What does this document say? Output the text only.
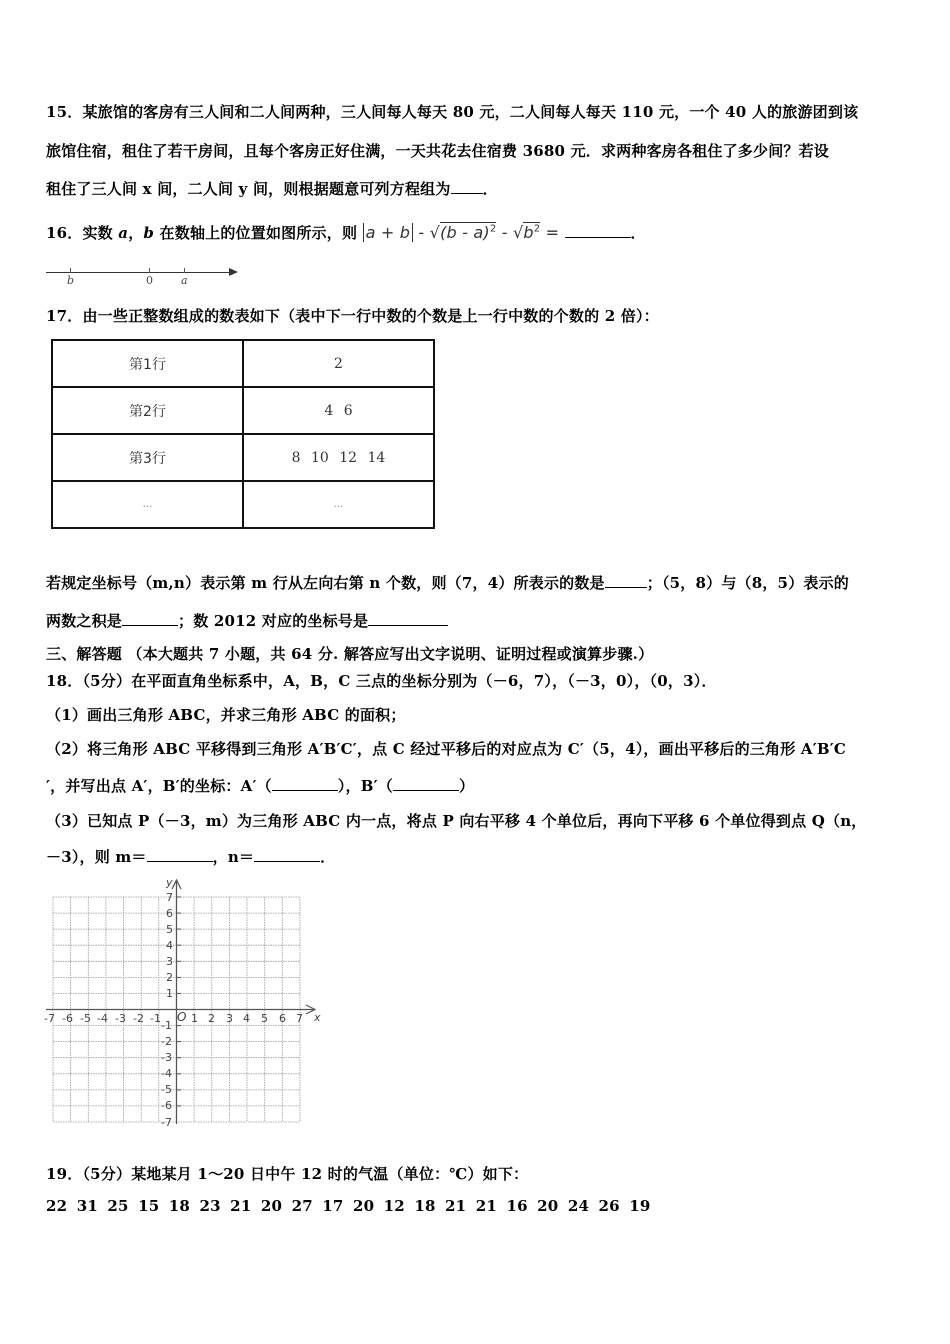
15．某旅馆的客房有三人间和二人间两种，三人间每人每天 80 元，二人间每人每天 110 元，一个 40 人的旅游团到该
旅馆住宿，租住了若干房间，且每个客房正好住满，一天共花去住宿费 3680 元．求两种客房各租住了多少间？若设
租住了三人间 x 间，二人间 y 间，则根据题意可列方程组为 ．
16．实数 a，b 在数轴上的位置如图所示，则 $a + b - √(b - a)^2 - √b^2$ =	．
b	0	a
17．由一些正整数组成的数表如下（表中下一行中数的个数是上一行中数的个数的 2 倍）：
第1行	2
第2行	4 6
第3行	8 10 12 14
…	…
若规定坐标号（m,n）表示第 m 行从左向右第 n 个数，则（7，4）所表示的数是	；（5，8）与（8，5）表示的
两数之积是	；数 2012 对应的坐标号是
三、解答题 （本大题共 7 小题，共 64 分. 解答应写出文字说明、证明过程或演算步骤.）
18．（5分）在平面直角坐标系中，A，B，C 三点的坐标分别为（－6，7），（－3，0），（0，3）．
（1）画出三角形 ABC，并求三角形 ABC 的面积；
（2）将三角形 ABC 平移得到三角形 A′B′C′，点 C 经过平移后的对应点为 C′（5，4），画出平移后的三角形 A′B′C
′，并写出点 A′，B′的坐标：A′（	），B′（	）
（3）已知点 P（－3，m）为三角形 ABC 内一点，将点 P 向右平移 4 个单位后，再向下平移 6 个单位得到点 Q（n，
－3），则 m＝	，n＝	．
y
x
O
7
6
5
4
3
2
1
-1
-2
-3
-4
-5
-6
-7
-7 -6 -5 -4 -3 -2 -1	1 2 3 4 5 6 7
19．（5分）某地某月 1～20 日中午 12 时的气温（单位：℃）如下：
22 31 25 15 18 23 21 20 27 17 20 12 18 21 21 16 20 24 26 19
